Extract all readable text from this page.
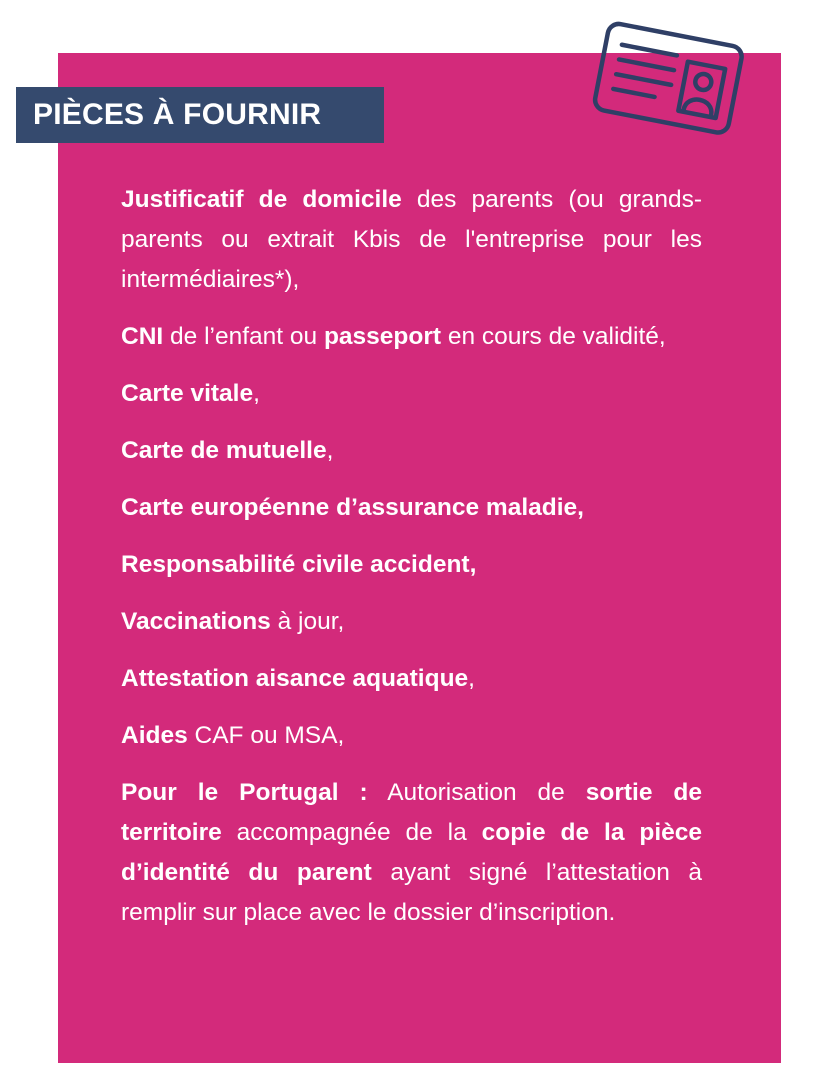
PIÈCES À FOURNIR

Justificatif de domicile des parents (ou grands-parents ou extrait Kbis de l'entreprise pour les intermédiaires*),

CNI de l’enfant ou passeport en cours de validité,

Carte vitale,

Carte de mutuelle,

Carte européenne d’assurance maladie,

Responsabilité civile accident,

Vaccinations à jour,

Attestation aisance aquatique,

Aides CAF ou MSA,

Pour le Portugal : Autorisation de sortie de territoire accompagnée de la copie de la pièce d’identité du parent ayant signé l’attestation à remplir sur place avec le dossier d’inscription.
